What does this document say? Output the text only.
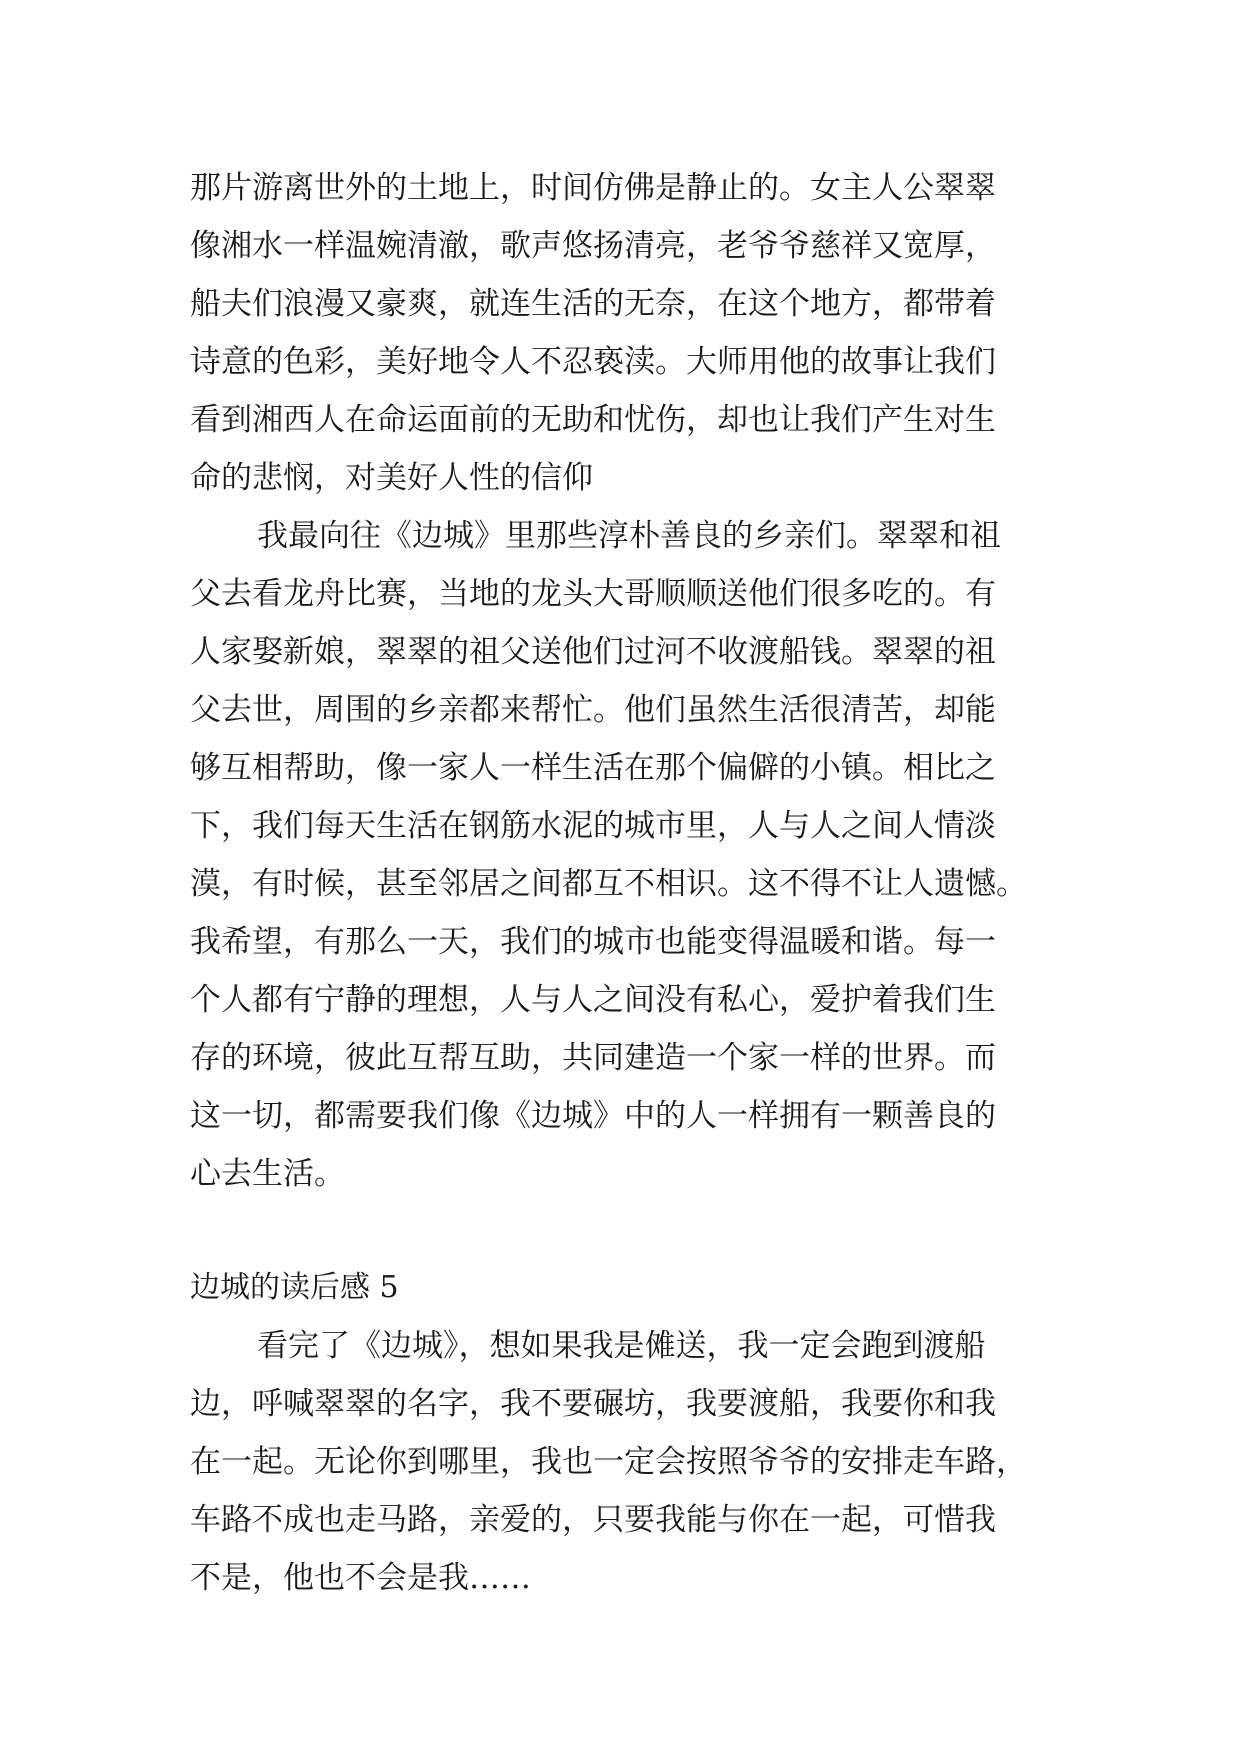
那片游离世外的土地上，时间仿佛是静止的。女主人公翠翠
像湘水一样温婉清澈，歌声悠扬清亮，老爷爷慈祥又宽厚，
船夫们浪漫又豪爽，就连生活的无奈，在这个地方，都带着
诗意的色彩，美好地令人不忍亵渎。大师用他的故事让我们
看到湘西人在命运面前的无助和忧伤，却也让我们产生对生
命的悲悯，对美好人性的信仰
我最向往《边城》里那些淳朴善良的乡亲们。翠翠和祖
父去看龙舟比赛，当地的龙头大哥顺顺送他们很多吃的。有
人家娶新娘，翠翠的祖父送他们过河不收渡船钱。翠翠的祖
父去世，周围的乡亲都来帮忙。他们虽然生活很清苦，却能
够互相帮助，像一家人一样生活在那个偏僻的小镇。相比之
下，我们每天生活在钢筋水泥的城市里，人与人之间人情淡
漠，有时候，甚至邻居之间都互不相识。这不得不让人遗憾。
我希望，有那么一天，我们的城市也能变得温暖和谐。每一
个人都有宁静的理想，人与人之间没有私心，爱护着我们生
存的环境，彼此互帮互助，共同建造一个家一样的世界。而
这一切，都需要我们像《边城》中的人一样拥有一颗善良的
心去生活。
边城的读后感 5
看完了《边城》，想如果我是傩送，我一定会跑到渡船
边，呼喊翠翠的名字，我不要碾坊，我要渡船，我要你和我
在一起。无论你到哪里，我也一定会按照爷爷的安排走车路，
车路不成也走马路，亲爱的，只要我能与你在一起，可惜我
不是，他也不会是我……
